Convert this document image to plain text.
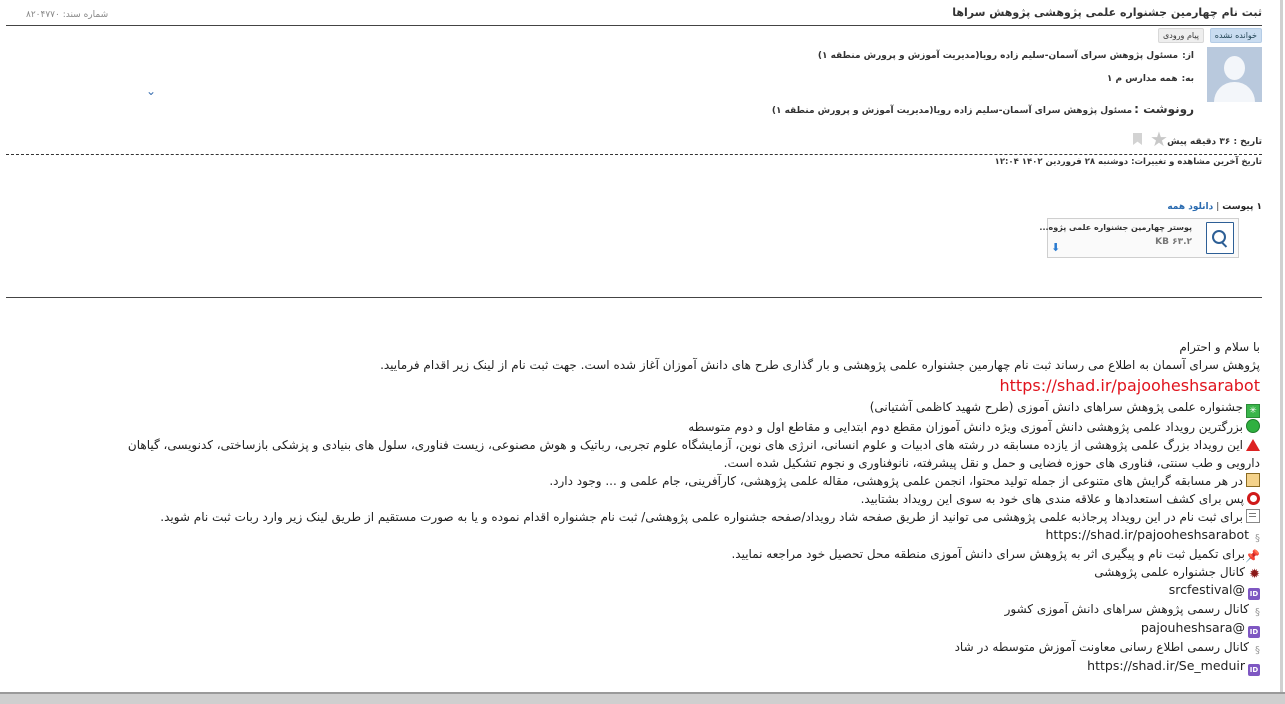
ثبت نام چهارمین جشنواره علمی پژوهشی پژوهش سراها
شماره سند: ۸۲۰۴۷۷۰
خوانده نشده
پیام ورودی
از:مسئول پژوهش سرای آسمان-سلیم زاده رویا(مدیریت آموزش و پرورش منطقه ۱)
به:همه مدارس م ۱
⌄
رونوشت :مسئول پژوهش سرای آسمان-سلیم زاده رویا(مدیریت آموزش و پرورش منطقه ۱)
تاریخ : ۳۶ دقیقه پیش
★
تاریخ آخرین مشاهده و تغییرات: دوشنبه ۲۸ فروردین ۱۴۰۲ ۱۲:۰۴
۱ پیوست|دانلود همه
پوستر چهارمین جشنواره علمی پژوه...
۶۳.۲ KB
⬇
با سلام و احترام
پژوهش سرای آسمان به اطلاع می رساند ثبت نام چهارمین جشنواره علمی پژوهشی و بار گذاری طرح های دانش آموزان آغاز شده است. جهت ثبت نام از لینک زیر اقدام فرمایید.
https://shad.ir/pajooheshsarabot
✳جشنواره علمی پژوهش سراهای دانش آموزی (طرح شهید کاظمی آشتیانی)
بزرگترین رویداد علمی پژوهشی دانش آموزی ویژه دانش آموزان مقطع دوم ابتدایی و مقاطع اول و دوم متوسطه
این رویداد بزرگ علمی پژوهشی از یازده مسابقه در رشته های ادبیات و علوم انسانی، انرژی های نوین، آزمایشگاه علوم تجربی، رباتیک و هوش مصنوعی، زیست فناوری، سلول های بنیادی و پزشکی بازساختی، کدنویسی، گیاهان دارویی و طب سنتی، فناوری های حوزه فضایی و حمل و نقل پیشرفته، نانوفناوری و نجوم تشکیل شده است.
در هر مسابقه گرایش های متنوعی از جمله تولید محتوا، انجمن علمی پژوهشی، مقاله علمی پژوهشی، کارآفرینی، جام علمی و ... وجود دارد.
پس برای کشف استعدادها و علاقه مندی های خود به سوی این رویداد بشتابید.
برای ثبت نام در این رویداد پرجاذبه علمی پژوهشی می توانید از طریق صفحه شاد رویداد/صفحه جشنواره علمی پژوهشی/ ثبت نام جشنواره اقدام نموده و یا به صورت مستقیم از طریق لینک زیر وارد ربات ثبت نام شوید.
§https://shad.ir/pajooheshsarabot
📌برای تکمیل ثبت نام و پیگیری اثر به پژوهش سرای دانش آموزی منطقه محل تحصیل خود مراجعه نمایید.
✹کانال جشنواره علمی پژوهشی
ID@srcfestival
§کانال رسمی پژوهش سراهای دانش آموزی کشور
ID@pajouheshsara
§کانال رسمی اطلاع رسانی معاونت آموزش متوسطه در شاد
IDhttps://shad.ir/Se_meduir
